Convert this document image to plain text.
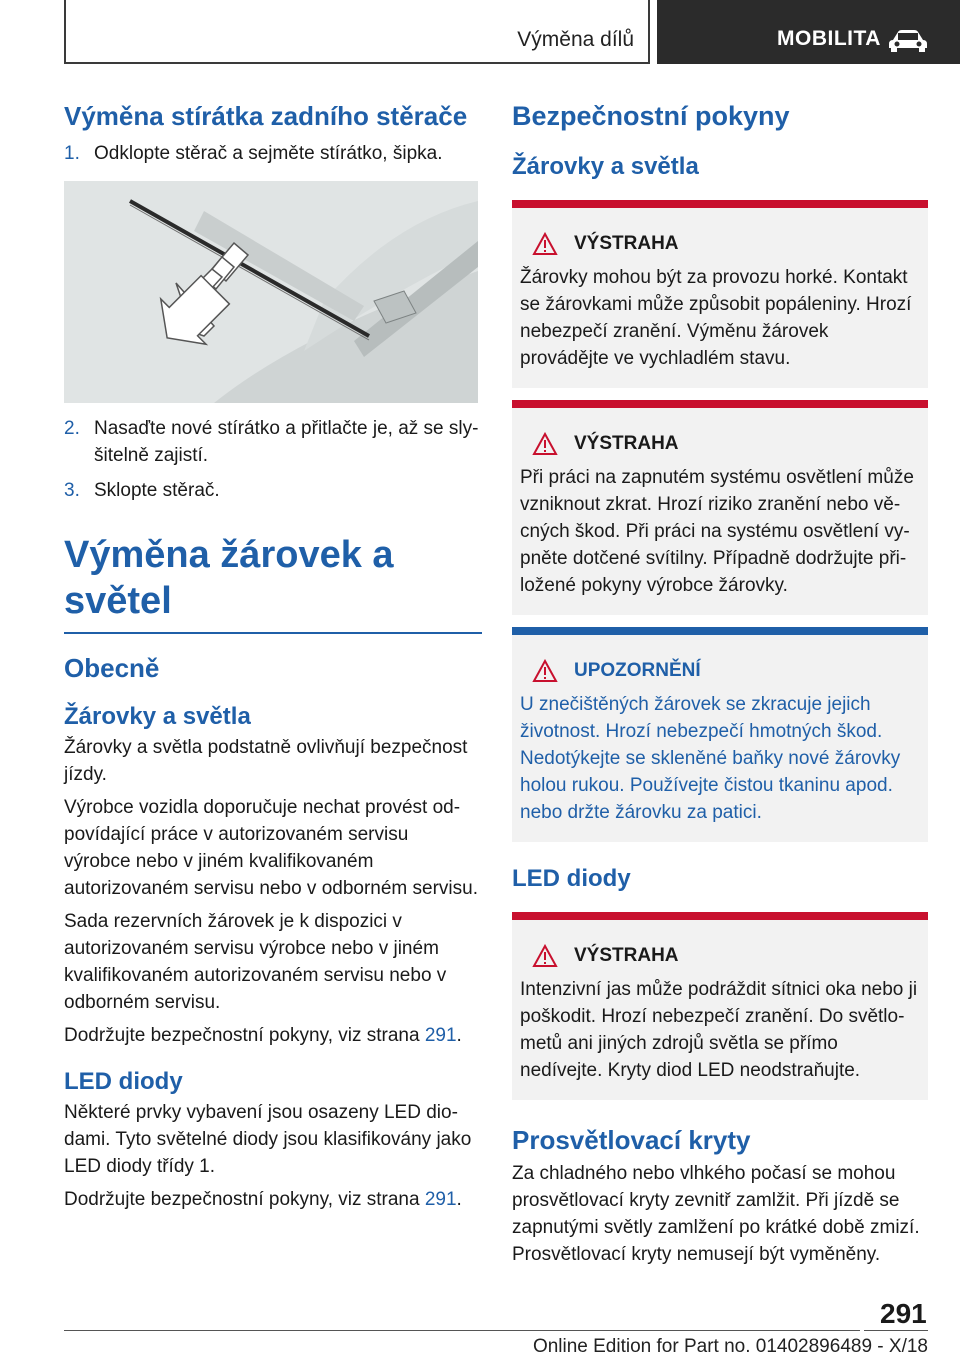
Výměna dílů	MOBILITA
Výměna stírátka zadního stěrače
1. Odklopte stěrač a sejměte stírátko, šipka.
2. Nasaďte nové stírátko a přitlačte je, až se slyšitelně zajistí.
3. Sklopte stěrač.
Výměna žárovek a světel
Obecně
Žárovky a světla

Žárovky a světla podstatně ovlivňují bezpečnost jízdy.

Výrobce vozidla doporučuje nechat provést odpovídající práce v autorizovaném servisu výrobce nebo v jiném kvalifikovaném autorizovaném servisu nebo v odborném servisu.

Sada rezervních žárovek je k dispozici v autorizovaném servisu výrobce nebo v jiném kvalifikovaném autorizovaném servisu nebo v odborném servisu.

Dodržujte bezpečnostní pokyny, viz strana 291.

LED diody

Některé prvky vybavení jsou osazeny LED diodami. Tyto světelné diody jsou klasifikovány jako LED diody třídy 1.

Dodržujte bezpečnostní pokyny, viz strana 291.

Bezpečnostní pokyny
Žárovky a světla
VÝSTRAHA

Žárovky mohou být za provozu horké. Kontakt se žárovkami může způsobit popáleniny. Hrozí nebezpečí zranění. Výměnu žárovek provádějte ve vychladlém stavu.

VÝSTRAHA

Při práci na zapnutém systému osvětlení může vzniknout zkrat. Hrozí riziko zranění nebo věcných škod. Při práci na systému osvětlení vypněte dotčené svítilny. Případně dodržujte přiložené pokyny výrobce žárovky.

UPOZORNĚNÍ

U znečištěných žárovek se zkracuje jejich životnost. Hrozí nebezpečí hmotných škod. Nedotýkejte se skleněné baňky nové žárovky holou rukou. Používejte čistou tkaninu apod. nebo držte žárovku za patici.

LED diody
VÝSTRAHA

Intenzivní jas může podráždit sítnici oka nebo ji poškodit. Hrozí nebezpečí zranění. Do světlometů ani jiných zdrojů světla se přímo nedívejte. Kryty diod LED neodstraňujte.

Prosvětlovací kryty

Za chladného nebo vlhkého počasí se mohou prosvětlovací kryty zevnitř zamlžit. Při jízdě se zapnutými světly zamlžení po krátké době zmizí. Prosvětlovací kryty nemusejí být vyměněny.

291
Online Edition for Part no. 01402896489 - X/18
